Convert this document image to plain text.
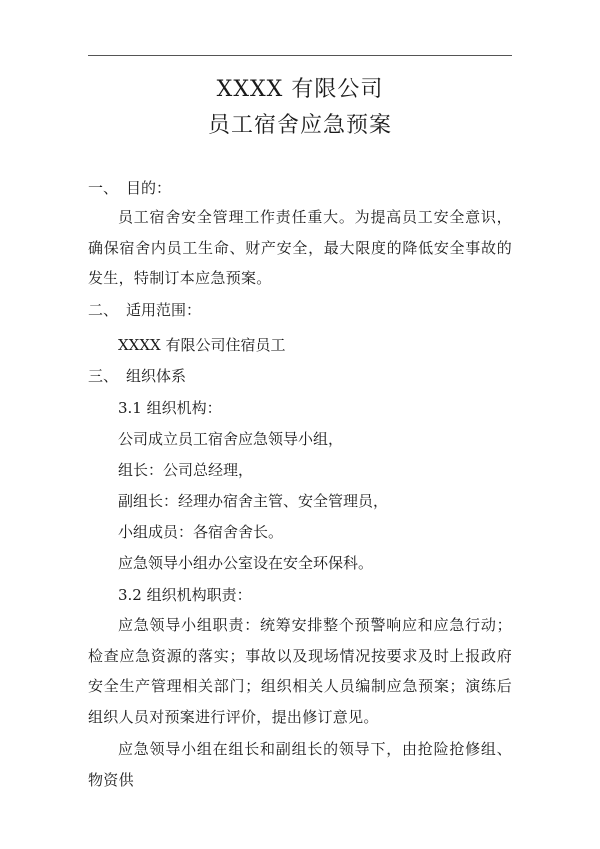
XXXX 有限公司
员工宿舍应急预案
一、 目的：
员工宿舍安全管理工作责任重大。为提高员工安全意识，确保宿舍内员工生命、财产安全，最大限度的降低安全事故的发生，特制订本应急预案。
二、 适用范围：
XXXX 有限公司住宿员工
三、 组织体系
3.1 组织机构：
公司成立员工宿舍应急领导小组，
组长：公司总经理，
副组长：经理办宿舍主管、安全管理员，
小组成员：各宿舍舍长。
应急领导小组办公室设在安全环保科。
3.2 组织机构职责：
应急领导小组职责：统筹安排整个预警响应和应急行动；检查应急资源的落实；事故以及现场情况按要求及时上报政府安全生产管理相关部门；组织相关人员编制应急预案；演练后组织人员对预案进行评价，提出修订意见。
应急领导小组在组长和副组长的领导下，由抢险抢修组、物资供
